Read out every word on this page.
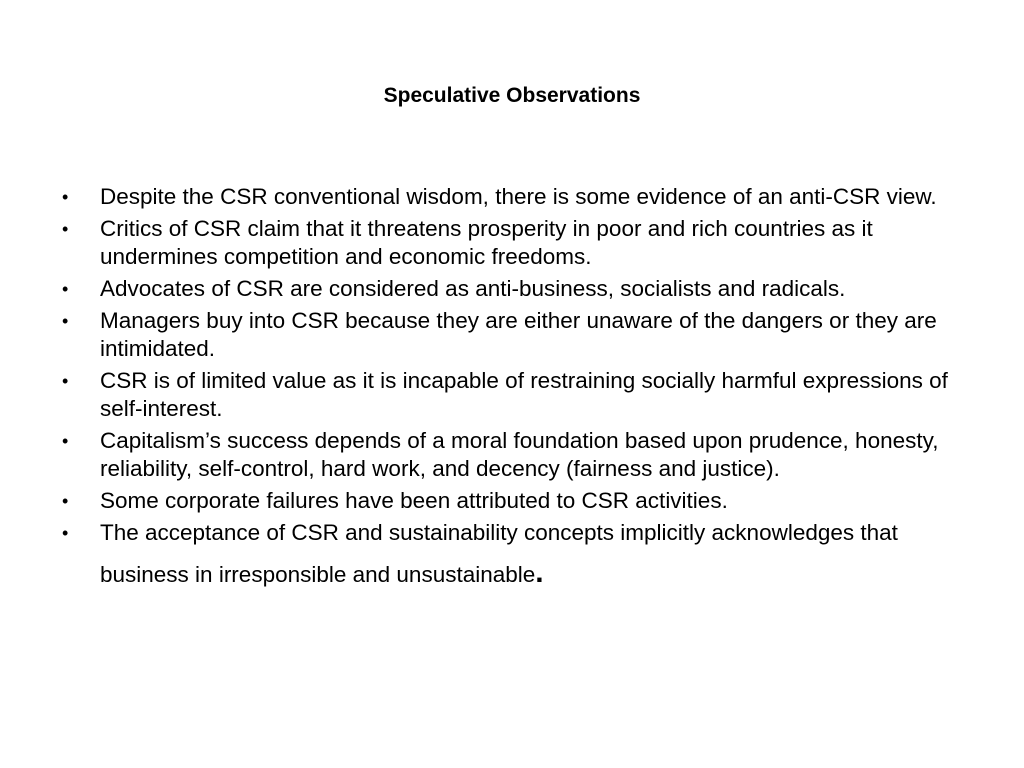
Speculative Observations
•	Despite the CSR conventional wisdom, there is some evidence of an anti-CSR view.
•	Critics of CSR claim that it threatens prosperity in poor and rich countries as it undermines competition and economic freedoms.
•	Advocates of CSR are considered as anti-business, socialists and radicals.
•	Managers buy into CSR because they are either unaware of the dangers or they are intimidated.
•	CSR is of limited value as it is incapable of restraining socially harmful expressions of self-interest.
•	Capitalism’s success depends of a moral foundation based upon prudence, honesty, reliability, self-control, hard work, and decency (fairness and justice).
•	Some corporate failures have been attributed to CSR activities.
•	The acceptance of CSR and sustainability concepts implicitly acknowledges that business in irresponsible and unsustainable.
